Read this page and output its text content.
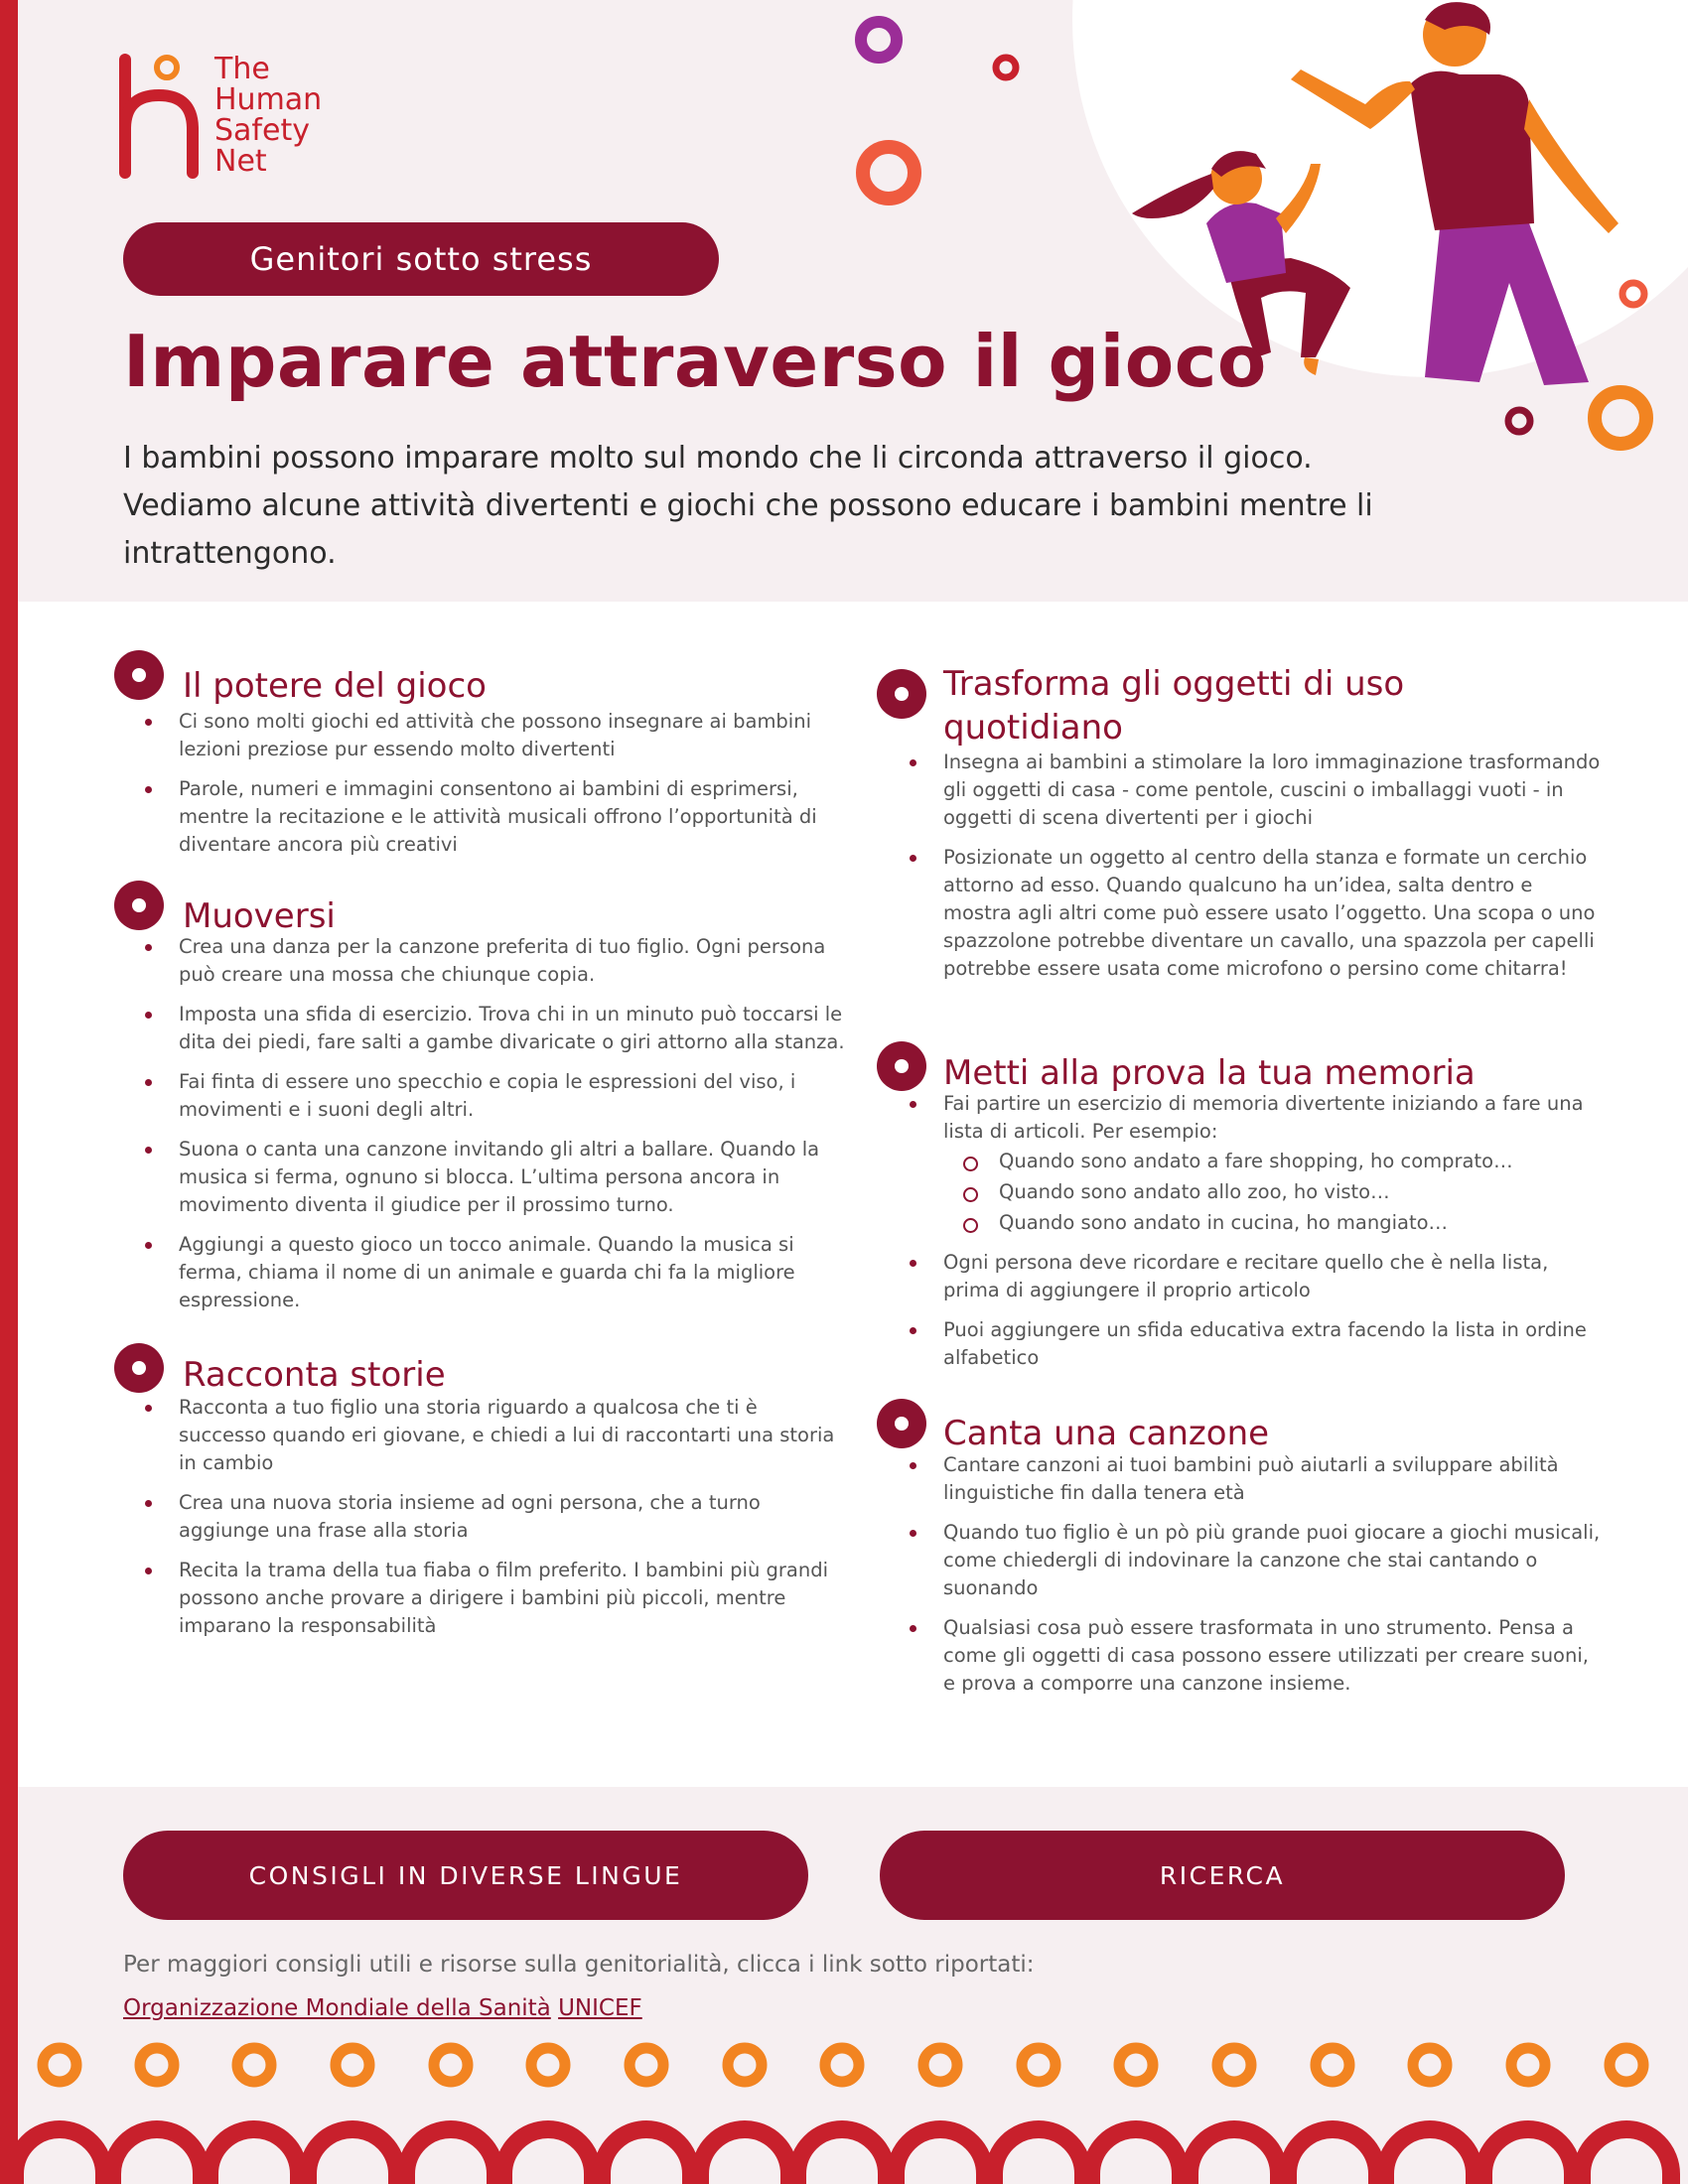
The
Human
Safety
Net
Genitori sotto stress
Imparare attraverso il gioco

I bambini possono imparare molto sul mondo che li circonda attraverso il gioco. Vediamo alcune attività divertenti e giochi che possono educare i bambini mentre li intrattengono.

Il potere del gioco
Ci sono molti giochi ed attività che possono insegnare ai bambini lezioni preziose pur essendo molto divertenti
Parole, numeri e immagini consentono ai bambini di esprimersi, mentre la recitazione e le attività musicali offrono l’opportunità di diventare ancora più creativi
Muoversi
Crea una danza per la canzone preferita di tuo figlio. Ogni persona può creare una mossa che chiunque copia.
Imposta una sfida di esercizio. Trova chi in un minuto può toccarsi le dita dei piedi, fare salti a gambe divaricate o giri attorno alla stanza.
Fai finta di essere uno specchio e copia le espressioni del viso, i movimenti e i suoni degli altri.
Suona o canta una canzone invitando gli altri a ballare. Quando la musica si ferma, ognuno si blocca. L’ultima persona ancora in movimento diventa il giudice per il prossimo turno.
Aggiungi a questo gioco un tocco animale. Quando la musica si ferma, chiama il nome di un animale e guarda chi fa la migliore espressione.
Racconta storie
Racconta a tuo figlio una storia riguardo a qualcosa che ti è successo quando eri giovane, e chiedi a lui di raccontarti una storia in cambio
Crea una nuova storia insieme ad ogni persona, che a turno aggiunge una frase alla storia
Recita la trama della tua fiaba o film preferito. I bambini più grandi possono anche provare a dirigere i bambini più piccoli, mentre imparano la responsabilità
Trasforma gli oggetti di uso
quotidiano
Insegna ai bambini a stimolare la loro immaginazione trasformando gli oggetti di casa - come pentole, cuscini o imballaggi vuoti - in oggetti di scena divertenti per i giochi
Posizionate un oggetto al centro della stanza e formate un cerchio attorno ad esso. Quando qualcuno ha un’idea, salta dentro e mostra agli altri come può essere usato l’oggetto. Una scopa o uno spazzolone potrebbe diventare un cavallo, una spazzola per capelli potrebbe essere usata come microfono o persino come chitarra!
Metti alla prova la tua memoria
Fai partire un esercizio di memoria divertente iniziando a fare una lista di articoli. Per esempio:
Quando sono andato a fare shopping, ho comprato…
Quando sono andato allo zoo, ho visto…
Quando sono andato in cucina, ho mangiato…
Ogni persona deve ricordare e recitare quello che è nella lista, prima di aggiungere il proprio articolo
Puoi aggiungere un sfida educativa extra facendo la lista in ordine alfabetico
Canta una canzone
Cantare canzoni ai tuoi bambini può aiutarli a sviluppare abilità linguistiche fin dalla tenera età
Quando tuo figlio è un pò più grande puoi giocare a giochi musicali, come chiedergli di indovinare la canzone che stai cantando o suonando
Qualsiasi cosa può essere trasformata in uno strumento. Pensa a come gli oggetti di casa possono essere utilizzati per creare suoni, e prova a comporre una canzone insieme.
CONSIGLI IN DIVERSE LINGUE	RICERCA

Per maggiori consigli utili e risorse sulla genitorialità, clicca i link sotto riportati:

Organizzazione Mondiale della Sanità UNICEF
